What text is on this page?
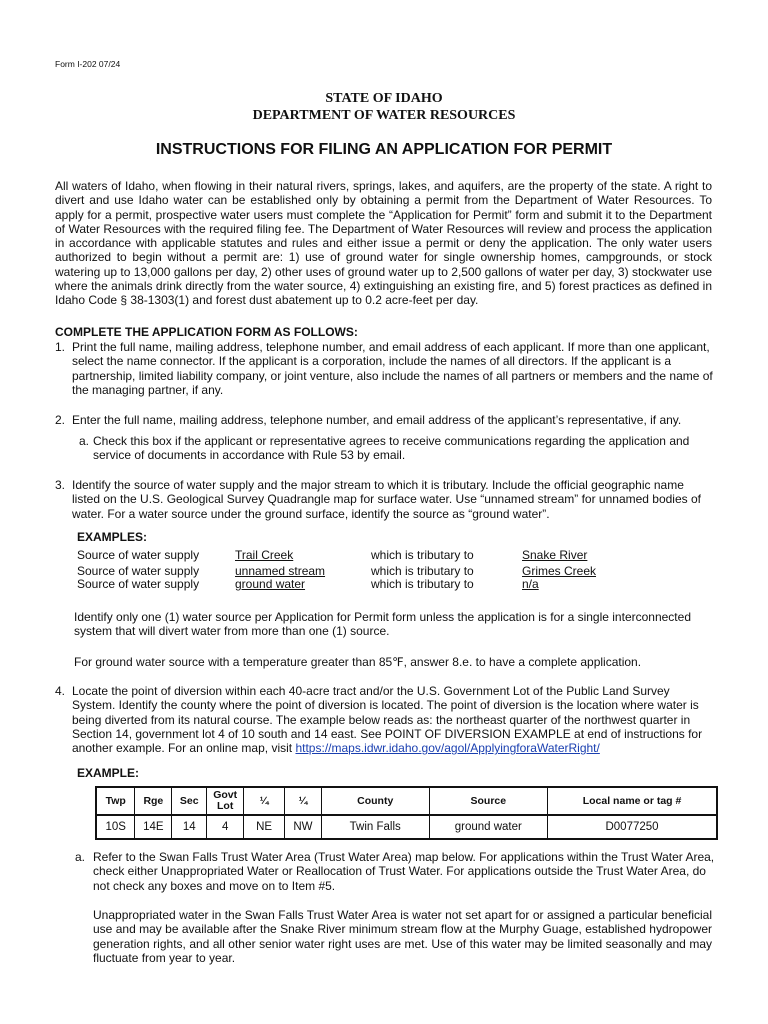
Form I-202 07/24
STATE OF IDAHO
DEPARTMENT OF WATER RESOURCES
INSTRUCTIONS FOR FILING AN APPLICATION FOR PERMIT
All waters of Idaho, when flowing in their natural rivers, springs, lakes, and aquifers, are the property of the state. A right to divert and use Idaho water can be established only by obtaining a permit from the Department of Water Resources. To apply for a permit, prospective water users must complete the “Application for Permit” form and submit it to the Department of Water Resources with the required filing fee. The Department of Water Resources will review and process the application in accordance with applicable statutes and rules and either issue a permit or deny the application. The only water users authorized to begin without a permit are: 1) use of ground water for single ownership homes, campgrounds, or stock watering up to 13,000 gallons per day, 2) other uses of ground water up to 2,500 gallons of water per day, 3) stockwater use where the animals drink directly from the water source, 4) extinguishing an existing fire, and 5) forest practices as defined in Idaho Code § 38-1303(1) and forest dust abatement up to 0.2 acre-feet per day.
COMPLETE THE APPLICATION FORM AS FOLLOWS:
1. Print the full name, mailing address, telephone number, and email address of each applicant. If more than one applicant, select the name connector. If the applicant is a corporation, include the names of all directors. If the applicant is a partnership, limited liability company, or joint venture, also include the names of all partners or members and the name of the managing partner, if any.
2. Enter the full name, mailing address, telephone number, and email address of the applicant’s representative, if any.
a. Check this box if the applicant or representative agrees to receive communications regarding the application and service of documents in accordance with Rule 53 by email.
3. Identify the source of water supply and the major stream to which it is tributary. Include the official geographic name listed on the U.S. Geological Survey Quadrangle map for surface water. Use “unnamed stream” for unnamed bodies of water. For a water source under the ground surface, identify the source as “ground water”.
EXAMPLES:
Source of water supply	Trail Creek	which is tributary to	Snake River
Source of water supply	unnamed stream	which is tributary to	Grimes Creek
Source of water supply	ground water	which is tributary to	n/a
Identify only one (1) water source per Application for Permit form unless the application is for a single interconnected system that will divert water from more than one (1) source.
For ground water source with a temperature greater than 85℉, answer 8.e. to have a complete application.
4. Locate the point of diversion within each 40-acre tract and/or the U.S. Government Lot of the Public Land Survey System. Identify the county where the point of diversion is located. The point of diversion is the location where water is being diverted from its natural course. The example below reads as: the northeast quarter of the northwest quarter in Section 14, government lot 4 of 10 south and 14 east. See POINT OF DIVERSION EXAMPLE at end of instructions for another example. For an online map, visit https://maps.idwr.idaho.gov/agol/ApplyingforaWaterRight/
EXAMPLE:
Twp	Rge	Sec	Govt Lot	¼	¼	County	Source	Local name or tag #
10S	14E	14	4	NE	NW	Twin Falls	ground water	D0077250
a. Refer to the Swan Falls Trust Water Area (Trust Water Area) map below. For applications within the Trust Water Area, check either Unappropriated Water or Reallocation of Trust Water. For applications outside the Trust Water Area, do not check any boxes and move on to Item #5.
Unappropriated water in the Swan Falls Trust Water Area is water not set apart for or assigned a particular beneficial use and may be available after the Snake River minimum stream flow at the Murphy Guage, established hydropower generation rights, and all other senior water right uses are met. Use of this water may be limited seasonally and may fluctuate from year to year.
